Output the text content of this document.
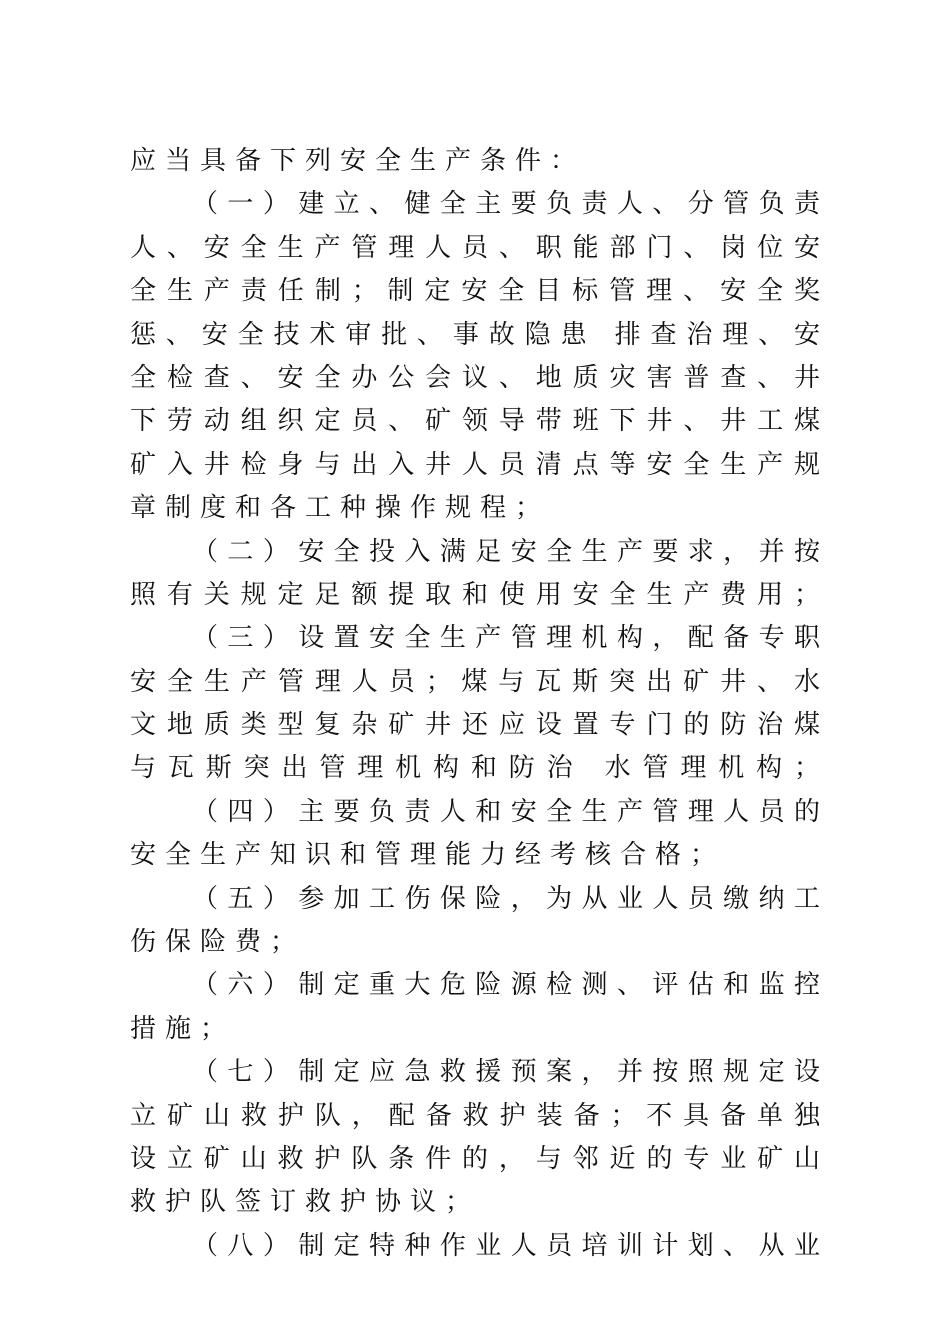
应当具备下列安全生产条件：
（ 一 ） 建 立 、 健 全 主 要 负 责 人 、 分 管 负 责
人 、 安 全 生 产 管 理 人 员 、 职 能 部 门 、 岗 位 安
全 生 产 责 任 制 ； 制 定 安 全 目 标 管 理 、 安 全 奖
惩 、 安 全 技 术 审 批 、 事 故 隐 患   排 查 治 理 、 安
全 检 查 、 安 全 办 公 会 议 、 地 质 灾 害 普 查 、 井
下 劳 动 组 织 定 员 、 矿 领 导 带 班 下 井 、 井 工 煤
矿 入 井 检 身 与 出 入 井 人 员 清 点 等 安 全 生 产 规
章制度和各工种操作规程；
（ 二 ） 安 全 投 入 满 足 安 全 生 产 要 求 ， 并 按
照 有 关 规 定 足 额 提 取 和 使 用 安 全 生 产 费 用 ；
（ 三 ） 设 置 安 全 生 产 管 理 机 构 ， 配 备 专 职
安 全 生 产 管 理 人 员 ； 煤 与 瓦 斯 突 出 矿 井 、 水
文 地 质 类 型 复 杂 矿 井 还 应 设 置 专 门 的 防 治 煤
与 瓦 斯 突 出 管 理 机 构 和 防 治   水 管 理 机 构 ；
（ 四 ） 主 要 负 责 人 和 安 全 生 产 管 理 人 员 的
安全生产知识和管理能力经考核合格；
（ 五 ） 参 加 工 伤 保 险 ， 为 从 业 人 员 缴 纳 工
伤保险费；
（ 六 ） 制 定 重 大 危 险 源 检 测 、 评 估 和 监 控
措施；
（ 七 ） 制 定 应 急 救 援 预 案 ， 并 按 照 规 定 设
立 矿 山 救 护 队 ， 配 备 救 护 装 备 ； 不 具 备 单 独
设 立 矿 山 救 护 队 条 件 的 ， 与 邻 近 的 专 业 矿 山
救护队签订救护协议；
（ 八 ） 制 定 特 种 作 业 人 员 培 训 计 划 、 从 业
